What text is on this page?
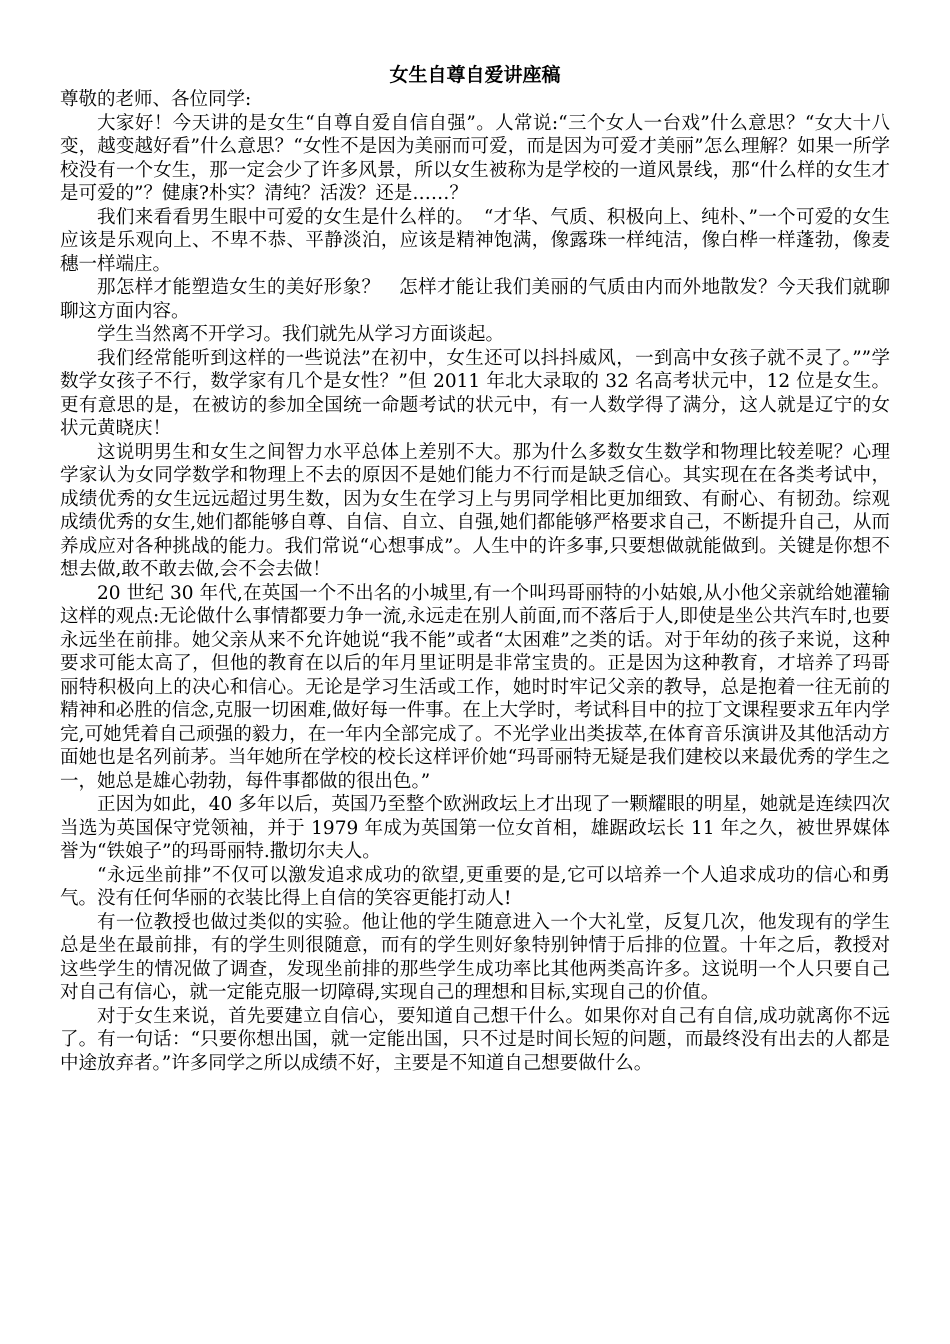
女生自尊自爱讲座稿

尊敬的老师、各位同学:

大家好！今天讲的是女生“自尊自爱自信自强”。人常说:“三个女人一台戏”什么意思？“女大十八变，越变越好看”什么意思？“女性不是因为美丽而可爱，而是因为可爱才美丽”怎么理解？如果一所学校没有一个女生，那一定会少了许多风景，所以女生被称为是学校的一道风景线，那“什么样的女生才是可爱的”？健康?朴实？清纯？活泼？还是……？

我们来看看男生眼中可爱的女生是什么样的。　“才华、气质、积极向上、纯朴、”一个可爱的女生应该是乐观向上、不卑不恭、平静淡泊，应该是精神饱满，像露珠一样纯洁，像白桦一样蓬勃，像麦穗一样端庄。

那怎样才能塑造女生的美好形象？　怎样才能让我们美丽的气质由内而外地散发？今天我们就聊聊这方面内容。

学生当然离不开学习。我们就先从学习方面谈起。

我们经常能听到这样的一些说法”在初中，女生还可以抖抖威风，一到高中女孩子就不灵了。””学数学女孩子不行，数学家有几个是女性？”但 2011 年北大录取的 32 名高考状元中，12 位是女生。更有意思的是，在被访的参加全国统一命题考试的状元中，有一人数学得了满分，这人就是辽宁的女状元黄晓庆！

这说明男生和女生之间智力水平总体上差别不大。那为什么多数女生数学和物理比较差呢？心理学家认为女同学数学和物理上不去的原因不是她们能力不行而是缺乏信心。其实现在在各类考试中，成绩优秀的女生远远超过男生数，因为女生在学习上与男同学相比更加细致、有耐心、有韧劲。综观成绩优秀的女生,她们都能够自尊、自信、自立、自强,她们都能够严格要求自己，不断提升自己，从而养成应对各种挑战的能力。我们常说“心想事成”。人生中的许多事,只要想做就能做到。关键是你想不想去做,敢不敢去做,会不会去做！

20 世纪 30 年代,在英国一个不出名的小城里,有一个叫玛哥丽特的小姑娘,从小他父亲就给她灌输这样的观点:无论做什么事情都要力争一流,永远走在别人前面,而不落后于人,即使是坐公共汽车时,也要永远坐在前排。她父亲从来不允许她说“我不能”或者“太困难”之类的话。对于年幼的孩子来说，这种要求可能太高了，但他的教育在以后的年月里证明是非常宝贵的。正是因为这种教育，才培养了玛哥丽特积极向上的决心和信心。无论是学习生活或工作，她时时牢记父亲的教导，总是抱着一往无前的精神和必胜的信念,克服一切困难,做好每一件事。在上大学时，考试科目中的拉丁文课程要求五年内学完,可她凭着自己顽强的毅力，在一年内全部完成了。不光学业出类拔萃,在体育音乐演讲及其他活动方面她也是名列前茅。当年她所在学校的校长这样评价她“玛哥丽特无疑是我们建校以来最优秀的学生之一，她总是雄心勃勃，每件事都做的很出色。”

正因为如此，40 多年以后，英国乃至整个欧洲政坛上才出现了一颗耀眼的明星，她就是连续四次当选为英国保守党领袖，并于 1979 年成为英国第一位女首相，雄踞政坛长 11 年之久，被世界媒体誉为“铁娘子”的玛哥丽特.撒切尔夫人。

“永远坐前排”不仅可以激发追求成功的欲望,更重要的是,它可以培养一个人追求成功的信心和勇气。没有任何华丽的衣装比得上自信的笑容更能打动人!

有一位教授也做过类似的实验。他让他的学生随意进入一个大礼堂，反复几次，他发现有的学生总是坐在最前排，有的学生则很随意，而有的学生则好象特别钟情于后排的位置。十年之后，教授对这些学生的情况做了调查，发现坐前排的那些学生成功率比其他两类高许多。这说明一个人只要自己对自己有信心，就一定能克服一切障碍,实现自己的理想和目标,实现自己的价值。

对于女生来说，首先要建立自信心，要知道自己想干什么。如果你对自己有自信,成功就离你不远了。有一句话：“只要你想出国，就一定能出国，只不过是时间长短的问题，而最终没有出去的人都是中途放弃者。”许多同学之所以成绩不好，主要是不知道自己想要做什么。
